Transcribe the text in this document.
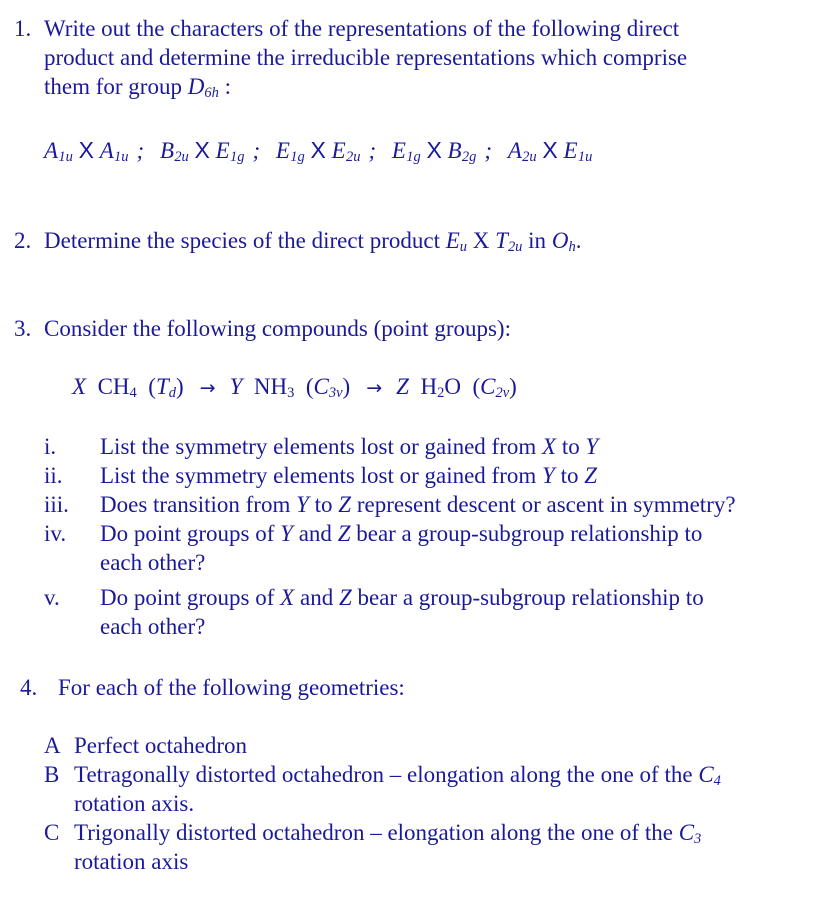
1. Write out the characters of the representations of the following direct
product and determine the irreducible representations which comprise
them for group $D_{6h}$ :
$A_{1u}$ X $A_{1u}$ ; $B_{2u}$ X $E_{1g}$ ; $E_{1g}$ X $E_{2u}$ ; $E_{1g}$ X $B_{2g}$ ; $A_{2u}$ X $E_{1u}$
2. Determine the species of the direct product $E_u$ X $T_{2u}$ in $O_h$.
3. Consider the following compounds (point groups):
X $CH_4$  $(T_d) \to Y$ $NH_3$  $(C_{3v}) \to Z$ $H_2O$  $(C_{2v})$
i. List the symmetry elements lost or gained from X to Y
ii. List the symmetry elements lost or gained from Y to Z
iii. Does transition from Y to Z represent descent or ascent in symmetry?
iv. Do point groups of Y and Z bear a group-subgroup relationship to
each other?
v. Do point groups of X and Z bear a group-subgroup relationship to
each other?
4. For each of the following geometries:
A Perfect octahedron
B Tetragonally distorted octahedron – elongation along the one of the $C_4$
rotation axis.
C Trigonally distorted octahedron – elongation along the one of the $C_3$
rotation axis
